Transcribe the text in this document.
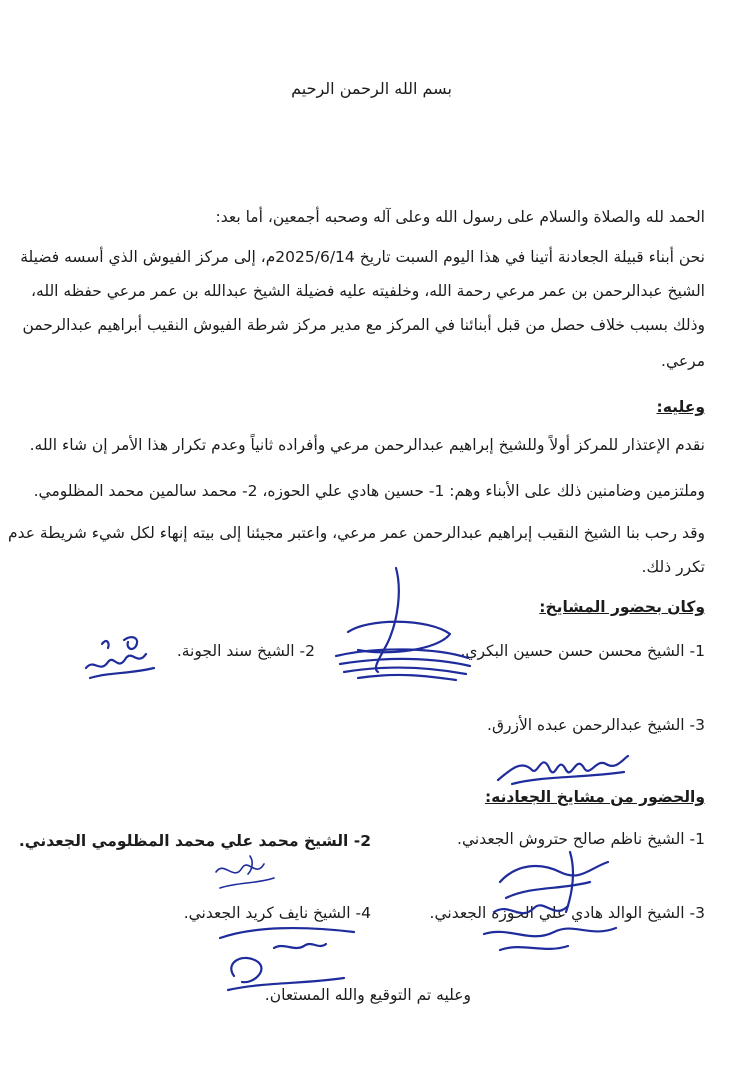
بسم الله الرحمن الرحيم
الحمد لله والصلاة والسلام على رسول الله وعلى آله وصحبه أجمعين، أما بعد:
نحن أبناء قبيلة الجعادنة أتينا في هذا اليوم السبت تاريخ 2025/6/14م، إلى مركز الفيوش الذي أسسه فضيلة
الشيخ عبدالرحمن بن عمر مرعي رحمة الله، وخلفيته عليه فضيلة الشيخ عبدالله بن عمر مرعي حفظه الله،
وذلك بسبب خلاف حصل من قبل أبنائنا في المركز مع مدير مركز شرطة الفيوش النقيب أبراهيم عبدالرحمن
مرعي.
وعليه:
نقدم الإعتذار للمركز أولاً وللشيخ إبراهيم عبدالرحمن مرعي وأفراده ثانياً وعدم تكرار هذا الأمر إن شاء الله.
وملتزمين وضامنين ذلك على الأبناء وهم: 1- حسين هادي علي الحوزه، 2- محمد سالمين محمد المظلومي.
وقد رحب بنا الشيخ النقيب إبراهيم عبدالرحمن عمر مرعي، واعتبر مجيئنا إلى بيته إنهاء لكل شيء شريطة عدم
تكرر ذلك.
وكان بحضور المشايخ:
1- الشيخ محسن حسن حسين البكري.
2- الشيخ سند الجونة.
3- الشيخ عبدالرحمن عبده الأزرق.
والحضور من مشايخ الجعادنه:
1- الشيخ ناظم صالح حتروش الجعدني.
2- الشيخ محمد علي محمد المظلومي الجعدني.
3- الشيخ الوالد هادي علي الحوزه الجعدني.
4- الشيخ نايف كريد الجعدني.
وعليه تم التوقيع والله المستعان.
